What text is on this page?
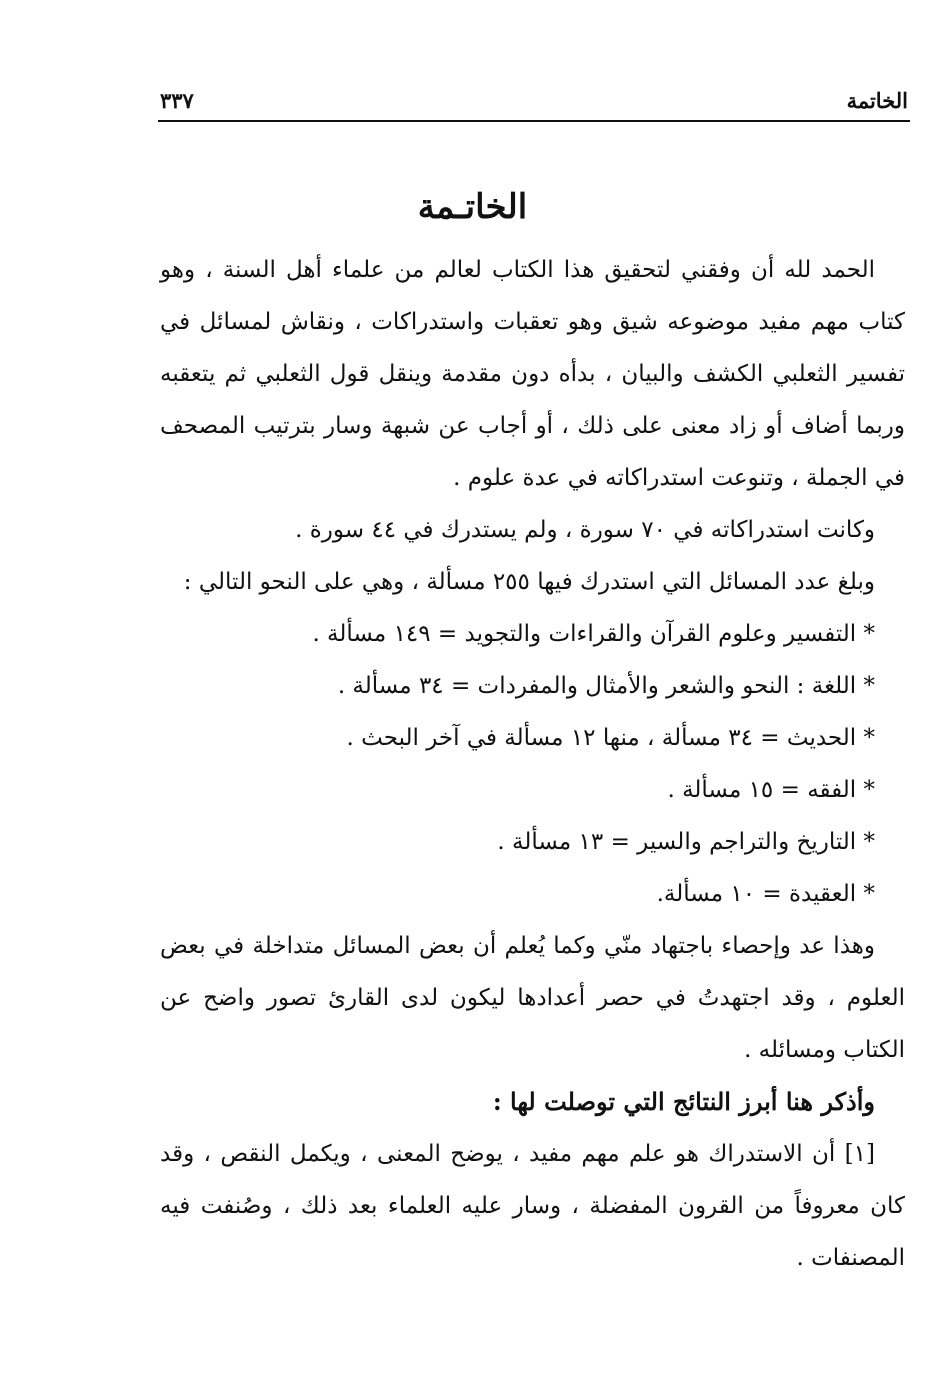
الخاتمة
٣٣٧
الخاتـمة

الحمد لله أن وفقني لتحقيق هذا الكتاب لعالم من علماء أهل السنة ، وهو كتاب مهم مفيد موضوعه شيق وهو تعقبات واستدراكات ، ونقاش لمسائل في تفسير الثعلبي الكشف والبيان ، بدأه دون مقدمة وينقل قول الثعلبي ثم يتعقبه وربما أضاف أو زاد معنى على ذلك ، أو أجاب عن شبهة وسار بترتيب المصحف في الجملة ، وتنوعت استدراكاته في عدة علوم .

وكانت استدراكاته في ٧٠ سورة ، ولم يستدرك في ٤٤ سورة .

وبلغ عدد المسائل التي استدرك فيها ٢٥٥ مسألة ، وهي على النحو التالي :

* التفسير وعلوم القرآن والقراءات والتجويد = ١٤٩ مسألة .

* اللغة : النحو والشعر والأمثال والمفردات = ٣٤ مسألة .

* الحديث = ٣٤ مسألة ، منها ١٢ مسألة في آخر البحث .

* الفقه = ١٥ مسألة .

* التاريخ والتراجم والسير = ١٣ مسألة .

* العقيدة = ١٠ مسألة.

وهذا عد وإحصاء باجتهاد منّي وكما يُعلم أن بعض المسائل متداخلة في بعض العلوم ، وقد اجتهدتُ في حصر أعدادها ليكون لدى القارئ تصور واضح عن الكتاب ومسائله .

وأذكر هنا أبرز النتائج التي توصلت لها :

[١] أن الاستدراك هو علم مهم مفيد ، يوضح المعنى ، ويكمل النقص ، وقد كان معروفاً من القرون المفضلة ، وسار عليه العلماء بعد ذلك ، وصُنفت فيه المصنفات .
